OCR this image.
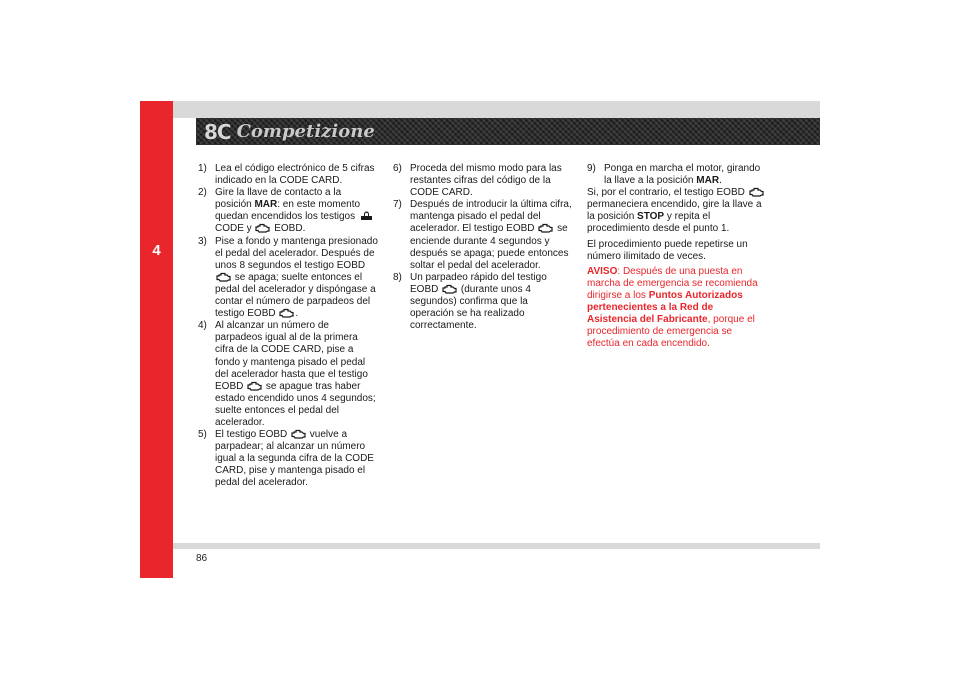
4
8C Competizione
1) Lea el código electrónico de 5 cifras indicado en la CODE CARD.
2) Gire la llave de contacto a la posición MAR: en este momento quedan encendidos los testigos  CODE y  EOBD.
3) Pise a fondo y mantenga presionado el pedal del acelerador. Después de unos 8 segundos el testigo EOBD  se apaga; suelte entonces el pedal del acelerador y dispóngase a contar el número de parpadeos del testigo EOBD .
4) Al alcanzar un número de parpadeos igual al de la primera cifra de la CODE CARD, pise a fondo y mantenga pisado el pedal del acelerador hasta que el testigo EOBD  se apague tras haber estado encendido unos 4 segundos; suelte entonces el pedal del acelerador.
5) El testigo EOBD  vuelve a parpadear; al alcanzar un número igual a la segunda cifra de la CODE CARD, pise y mantenga pisado el pedal del acelerador.
6) Proceda del mismo modo para las restantes cifras del código de la CODE CARD.
7) Después de introducir la última cifra, mantenga pisado el pedal del acelerador. El testigo EOBD  se enciende durante 4 segundos y después se apaga; puede entonces soltar el pedal del acelerador.
8) Un parpadeo rápido del testigo EOBD  (durante unos 4 segundos) confirma que la operación se ha realizado correctamente.
9) Ponga en marcha el motor, girando la llave a la posición MAR.

Si, por el contrario, el testigo EOBD  permaneciera encendido, gire la llave a la posición STOP y repita el procedimiento desde el punto 1.

El procedimiento puede repetirse un número ilimitado de veces.

AVISO: Después de una puesta en marcha de emergencia se recomienda dirigirse a los Puntos Autorizados pertenecientes a la Red de Asistencia del Fabricante, porque el procedimiento de emergencia se efectúa en cada encendido.

86
